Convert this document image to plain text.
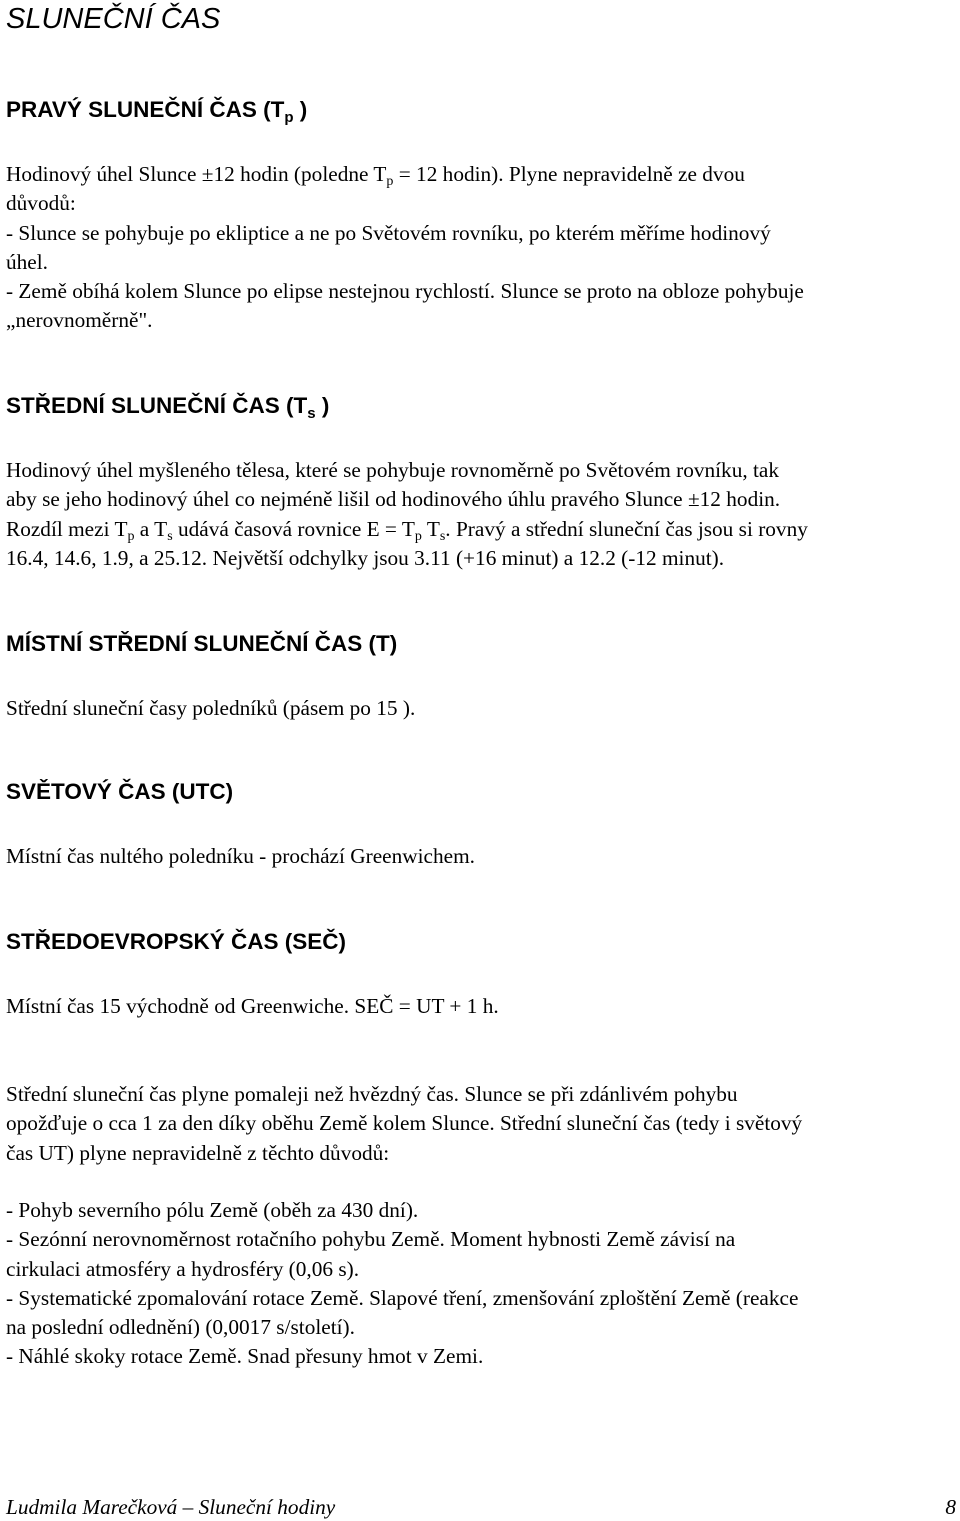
SLUNEČNÍ ČAS
PRAVÝ SLUNEČNÍ ČAS ($T_p$ )
Hodinový úhel Slunce ±12 hodin (poledne $T_p = 12$ hodin). Plyne nepravidelně ze dvou
důvodů:
- Slunce se pohybuje po ekliptice a ne po Světovém rovníku, po kterém měříme hodinový
úhel.
- Země obíhá kolem Slunce po elipse nestejnou rychlostí. Slunce se proto na obloze pohybuje
„nerovnoměrně".
STŘEDNÍ SLUNEČNÍ ČAS ($T_s$ )
Hodinový úhel myšleného tělesa, které se pohybuje rovnoměrně po Světovém rovníku, tak
aby se jeho hodinový úhel co nejméně lišil od hodinového úhlu pravého Slunce ±12 hodin.
Rozdíl mezi $T_p$ a $T_s$ udává časová rovnice $E = T_p$ $T_s$. Pravý a střední sluneční čas jsou si rovny
16.4, 14.6, 1.9, a 25.12. Největší odchylky jsou 3.11 (+16 minut) a 12.2 (-12 minut).
MÍSTNÍ STŘEDNÍ SLUNEČNÍ ČAS (T)
Střední sluneční časy poledníků (pásem po 15 ).
SVĚTOVÝ ČAS (UTC)
Místní čas nultého poledníku - prochází Greenwichem.
STŘEDOEVROPSKÝ ČAS (SEČ)
Místní čas 15 východně od Greenwiche. SEČ = UT + 1 h.
Střední sluneční čas plyne pomaleji než hvězdný čas. Slunce se při zdánlivém pohybu
opožďuje o cca 1 za den díky oběhu Země kolem Slunce. Střední sluneční čas (tedy i světový
čas UT) plyne nepravidelně z těchto důvodů:
- Pohyb severního pólu Země (oběh za 430 dní).
- Sezónní nerovnoměrnost rotačního pohybu Země. Moment hybnosti Země závisí na
cirkulaci atmosféry a hydrosféry (0,06 s).
- Systematické zpomalování rotace Země. Slapové tření, zmenšování zploštění Země (reakce
na poslední odlednění) (0,0017 s/století).
- Náhlé skoky rotace Země. Snad přesuny hmot v Zemi.
Ludmila Marečková – Sluneční hodiny	8
